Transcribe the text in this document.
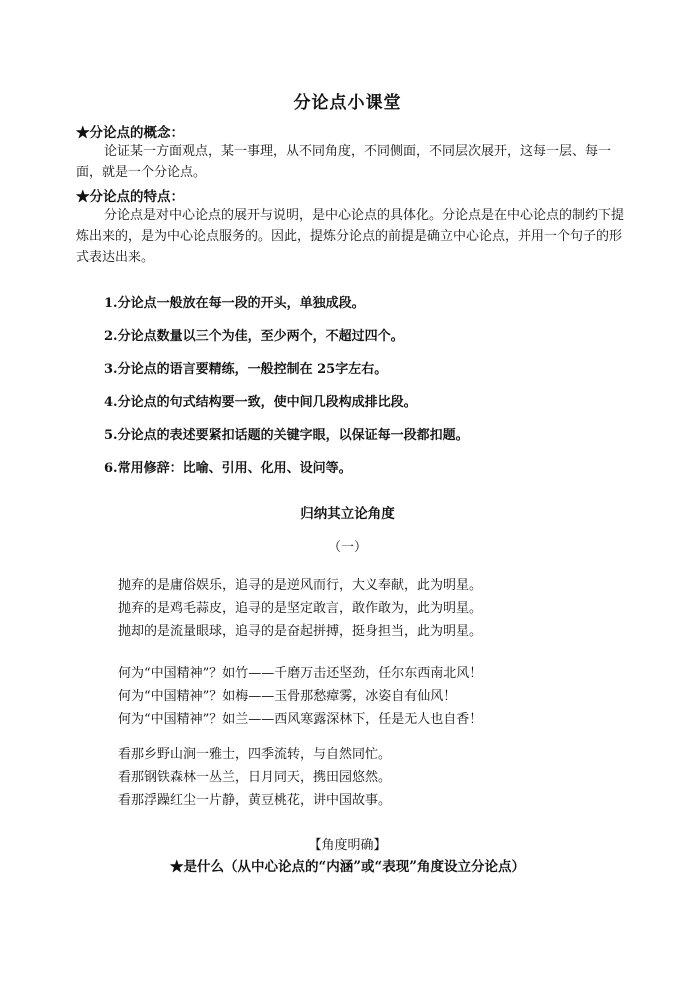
分论点小课堂
★分论点的概念：

论证某一方面观点，某一事理，从不同角度，不同侧面，不同层次展开，这每一层、每一面，就是一个分论点。

★分论点的特点：

分论点是对中心论点的展开与说明，是中心论点的具体化。分论点是在中心论点的制约下提炼出来的，是为中心论点服务的。因此，提炼分论点的前提是确立中心论点，并用一个句子的形式表达出来。

1.分论点一般放在每一段的开头，单独成段。
2.分论点数量以三个为佳，至少两个，不超过四个。
3.分论点的语言要精练，一般控制在 25字左右。
4.分论点的句式结构要一致，使中间几段构成排比段。
5.分论点的表述要紧扣话题的关键字眼，以保证每一段都扣题。
6.常用修辞：比喻、引用、化用、设问等。
归纳其立论角度
（一）
抛弃的是庸俗娱乐，追寻的是逆风而行，大义奉献，此为明星。
抛弃的是鸡毛蒜皮，追寻的是坚定敢言，敢作敢为，此为明星。
抛却的是流量眼球，追寻的是奋起拼搏，挺身担当，此为明星。
何为“中国精神”？如竹——千磨万击还坚劲，任尔东西南北风！
何为“中国精神”？如梅——玉骨那愁瘴雾，冰姿自有仙风！
何为“中国精神”？如兰——西风寒露深林下，任是无人也自香！
看那乡野山涧一雅士，四季流转，与自然同忙。
看那钢铁森林一丛兰，日月同天，携田园悠然。
看那浮躁红尘一片静，黄豆桃花，讲中国故事。
【角度明确】
★是什么（从中心论点的“内涵”或“表现”角度设立分论点）
